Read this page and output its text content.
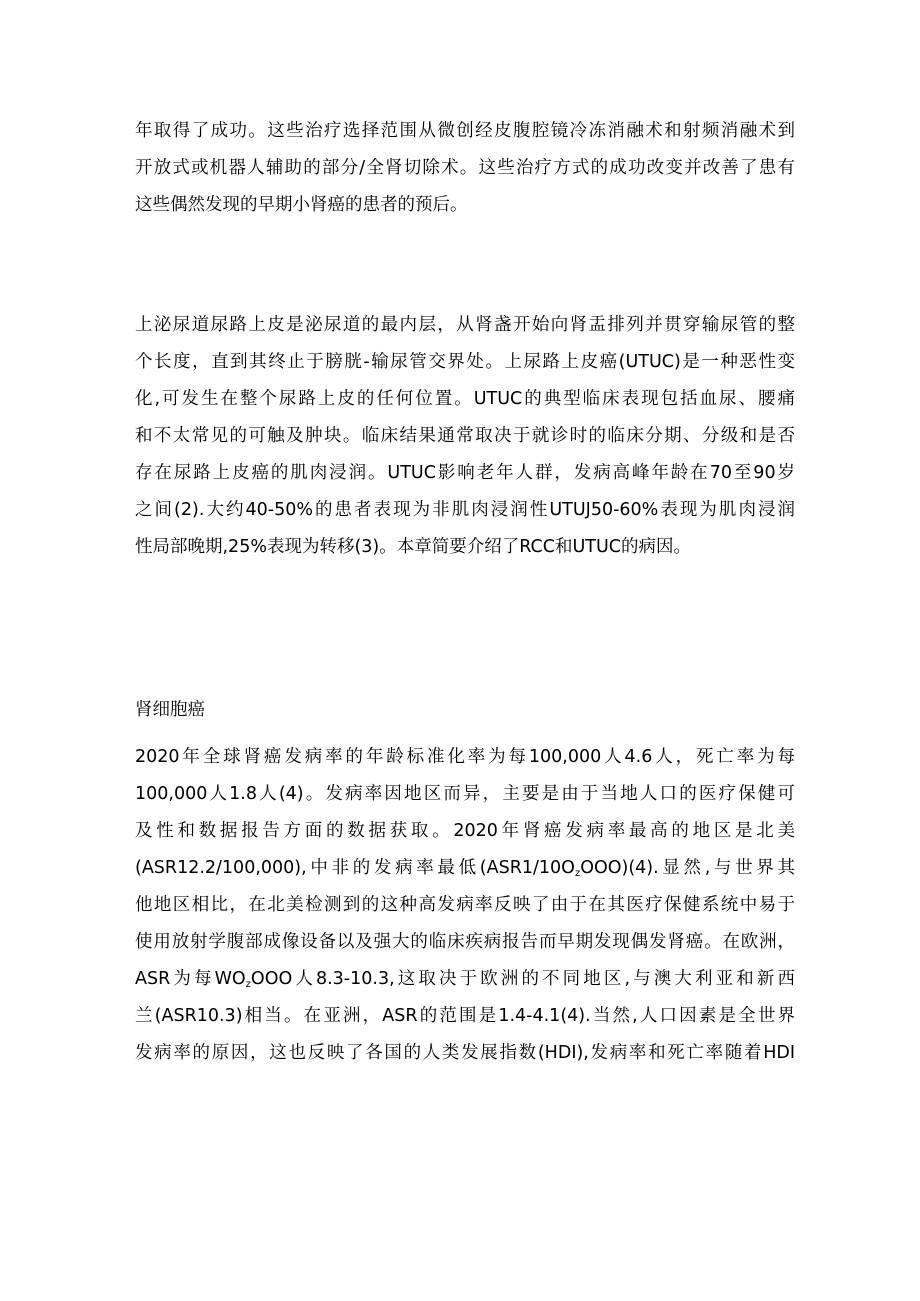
年取得了成功。这些治疗选择范围从微创经皮腹腔镜冷冻消融术和射频消融术到
开放式或机器人辅助的部分/全肾切除术。这些治疗方式的成功改变并改善了患有
这些偶然发现的早期小肾癌的患者的预后。
上泌尿道尿路上皮是泌尿道的最内层，从肾盏开始向肾盂排列并贯穿输尿管的整
个长度，直到其终止于膀胱-输尿管交界处。上尿路上皮癌(UTUC)是一种恶性变
化,可发生在整个尿路上皮的任何位置。UTUC的典型临床表现包括血尿、腰痛
和不太常见的可触及肿块。临床结果通常取决于就诊时的临床分期、分级和是否
存在尿路上皮癌的肌肉浸润。UTUC影响老年人群，发病高峰年龄在70至90岁
之间(2).大约40-50%的患者表现为非肌肉浸润性UTUJ50-60%表现为肌肉浸润
性局部晚期,25%表现为转移(3)。本章简要介绍了RCC和UTUC的病因。
肾细胞癌
2020年全球肾癌发病率的年龄标准化率为每100,000人4.6人，死亡率为每
100,000人1.8人(4)。发病率因地区而异，主要是由于当地人口的医疗保健可
及性和数据报告方面的数据获取。2020年肾癌发病率最高的地区是北美
(ASR12.2/100,000),中非的发病率最低$(ASR1/10O_zOOO)(4)$.显然,与世界其
他地区相比，在北美检测到的这种高发病率反映了由于在其医疗保健系统中易于
使用放射学腹部成像设备以及强大的临床疾病报告而早期发现偶发肾癌。在欧洲，
ASR为每$WO_zOOO$人8.3-10.3,这取决于欧洲的不同地区,与澳大利亚和新西
兰(ASR10.3)相当。在亚洲，ASR的范围是1.4-4.1(4).当然,人口因素是全世界
发病率的原因，这也反映了各国的人类发展指数(HDI),发病率和死亡率随着HDI
